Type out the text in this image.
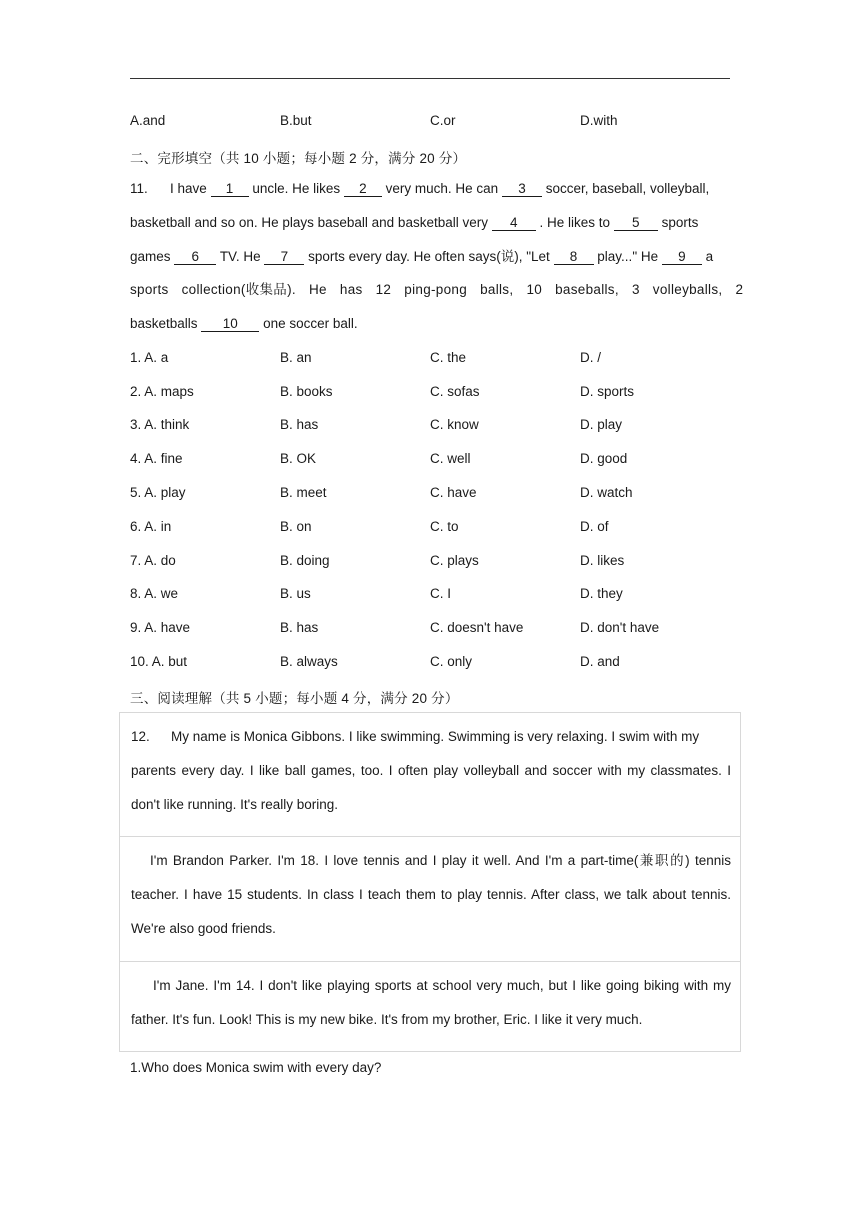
A.and	B.but	C.or	D.with
二、完形填空（共 10 小题；每小题 2 分，满分 20 分）
11. I have 1 uncle. He likes 2 very much. He can 3 soccer, baseball, volleyball,
basketball and so on. He plays baseball and basketball very 4 . He likes to 5 sports
games 6 TV. He 7 sports every day. He often says(说), "Let 8 play..." He 9 a
sports collection(收集品). He has 12 ping-pong balls, 10 baseballs, 3 volleyballs, 2
basketballs 10 one soccer ball.
1. A. a	B. an	C. the	D. /
2. A. maps	B. books	C. sofas	D. sports
3. A. think	B. has	C. know	D. play
4. A. fine	B. OK	C. well	D. good
5. A. play	B. meet	C. have	D. watch
6. A. in	B. on	C. to	D. of
7. A. do	B. doing	C. plays	D. likes
8. A. we	B. us	C. I	D. they
9. A. have	B. has	C. doesn't have	D. don't have
10. A. but	B. always	C. only	D. and
三、阅读理解（共 5 小题；每小题 4 分，满分 20 分）
12. My name is Monica Gibbons. I like swimming. Swimming is very relaxing. I swim with my
parents every day. I like ball games, too. I often play volleyball and soccer with my classmates. I
don't like running. It's really boring.
I'm Brandon Parker. I'm 18. I love tennis and I play it well. And I'm a part-time(兼职的) tennis
teacher. I have 15 students. In class I teach them to play tennis. After class, we talk about tennis.
We're also good friends.
I'm Jane. I'm 14. I don't like playing sports at school very much, but I like going biking with my
father. It's fun. Look! This is my new bike. It's from my brother, Eric. I like it very much.
1.Who does Monica swim with every day?
